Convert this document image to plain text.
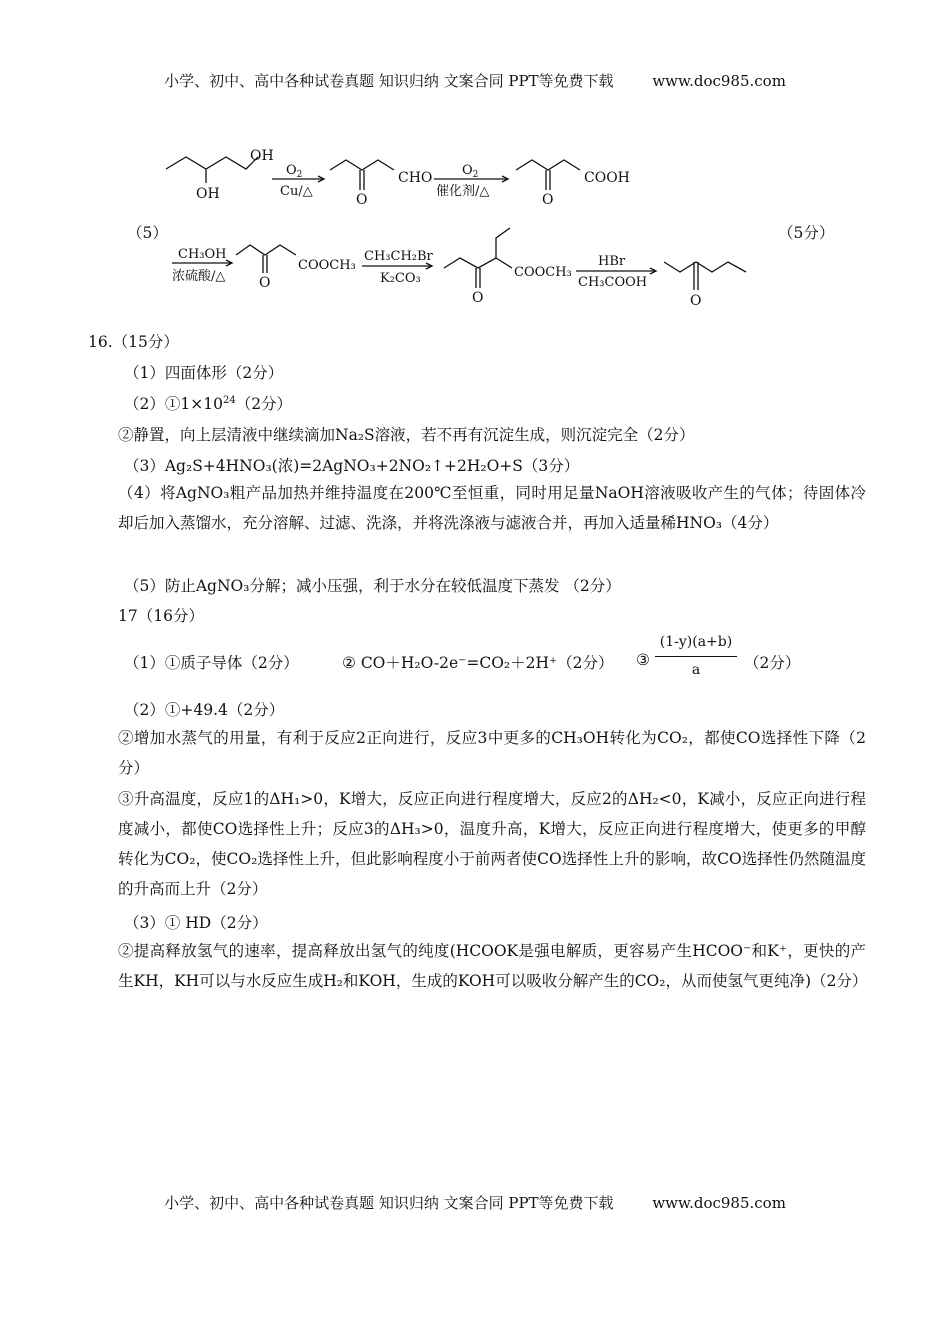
小学、初中、高中各种试卷真题 知识归纳 文案合同 PPT等免费下载	www.doc985.com
（5）	（5分）
OH
OH
$O_2$
Cu/△
O
CHO $O_2$
催化剂/△
O
COOH
CH₃OH
浓硫酸/△ O
COOCH₃
CH₃CH₂Br
K₂CO₃
O
COOCH₃
HBr
CH₃COOH
O
16.（15分）
（1）四面体形（2分）
$(2)①1\times 10^{24}(2$分）
②静置，向上层清液中继续滴加Na₂S溶液，若不再有沉淀生成，则沉淀完全（2分）
（3）Ag₂S+4HNO₃(浓)=2AgNO₃+2NO₂↑+2H₂O+S（3分）
（4）将AgNO₃粗产品加热并维持温度在200℃至恒重，同时用足量NaOH溶液吸收产生的气体；待固体冷却后加入蒸馏水，充分溶解、过滤、洗涤，并将洗涤液与滤液合并，再加入适量稀HNO₃（4分）
（5）防止AgNO₃分解；减小压强，利于水分在较低温度下蒸发 （2分）
17（16分）
（1）①质子导体（2分）	② CO＋H₂O-2e⁻=CO₂＋2H⁺（2分） ③
(1-y)(a+b)
a	（2分）
（2）①+49.4（2分）
②增加水蒸气的用量，有利于反应2正向进行，反应3中更多的CH₃OH转化为CO₂，都使CO选择性下降（2分）
③升高温度，反应1的ΔH₁>0，K增大，反应正向进行程度增大，反应2的ΔH₂<0，K减小，反应正向进行程度减小，都使CO选择性上升；反应3的ΔH₃>0，温度升高，K增大，反应正向进行程度增大，使更多的甲醇转化为CO₂，使CO₂选择性上升，但此影响程度小于前两者使CO选择性上升的影响，故CO选择性仍然随温度的升高而上升（2分）
（3）① HD（2分）
②提高释放氢气的速率，提高释放出氢气的纯度(HCOOK是强电解质，更容易产生HCOO⁻和K⁺，更快的产生KH，KH可以与水反应生成H₂和KOH，生成的KOH可以吸收分解产生的CO₂，从而使氢气更纯净)（2分）
小学、初中、高中各种试卷真题 知识归纳 文案合同 PPT等免费下载	www.doc985.com
